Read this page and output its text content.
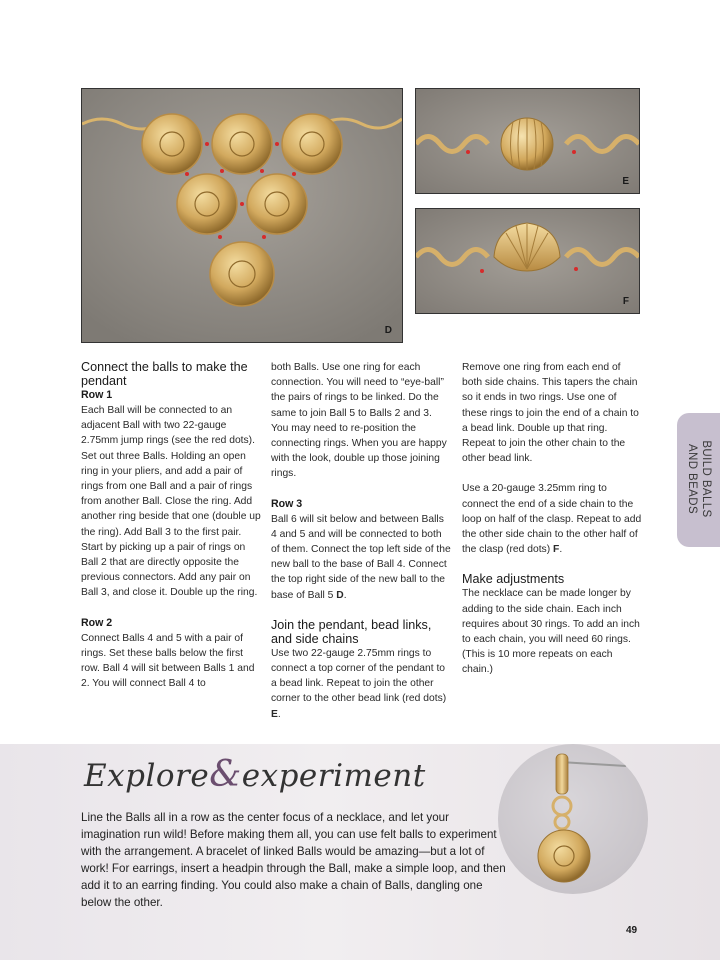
D
E
F
Connect the balls to make the pendant
Row 1

Each Ball will be connected to an adjacent Ball with two 22-gauge 2.75mm jump rings (see the red dots). Set out three Balls. Holding an open ring in your pliers, and add a pair of rings from one Ball and a pair of rings from another Ball. Close the ring. Add another ring beside that one (double up the ring). Add Ball 3 to the first pair. Start by picking up a pair of rings on Ball 2 that are directly opposite the previous connectors. Add any pair on Ball 3, and close it. Double up the ring.

Row 2

Connect Balls 4 and 5 with a pair of rings. Set these balls below the first row. Ball 4 will sit between Balls 1 and 2. You will connect Ball 4 to

both Balls. Use one ring for each connection. You will need to “eye-ball” the pairs of rings to be linked. Do the same to join Ball 5 to Balls 2 and 3. You may need to re-position the connecting rings. When you are happy with the look, double up those joining rings.

Row 3

Ball 6 will sit below and between Balls 4 and 5 and will be connected to both of them. Connect the top left side of the new ball to the base of Ball 4. Connect the top right side of the new ball to the base of Ball 5 D.

Join the pendant, bead links, and side chains

Use two 22-gauge 2.75mm rings to connect a top corner of the pendant to a bead link. Repeat to join the other corner to the other bead link (red dots) E.

Remove one ring from each end of both side chains. This tapers the chain so it ends in two rings. Use one of these rings to join the end of a chain to a bead link. Double up that ring. Repeat to join the other chain to the other bead link.

Use a 20-gauge 3.25mm ring to connect the end of a side chain to the loop on half of the clasp. Repeat to add the other side chain to the other half of the clasp (red dots) F.

Make adjustments

The necklace can be made longer by adding to the side chain. Each inch requires about 30 rings. To add an inch to each chain, you will need 60 rings. (This is 10 more repeats on each chain.)

BUILD BALLS
AND BEADS
Explore&experiment

Line the Balls all in a row as the center focus of a necklace, and let your imagination run wild! Before making them all, you can use felt balls to experiment with the arrangement. A bracelet of linked Balls would be amazing—but a lot of work! For earrings, insert a headpin through the Ball, make a simple loop, and then add it to an earring finding. You could also make a chain of Balls, dangling one below the other.

49
